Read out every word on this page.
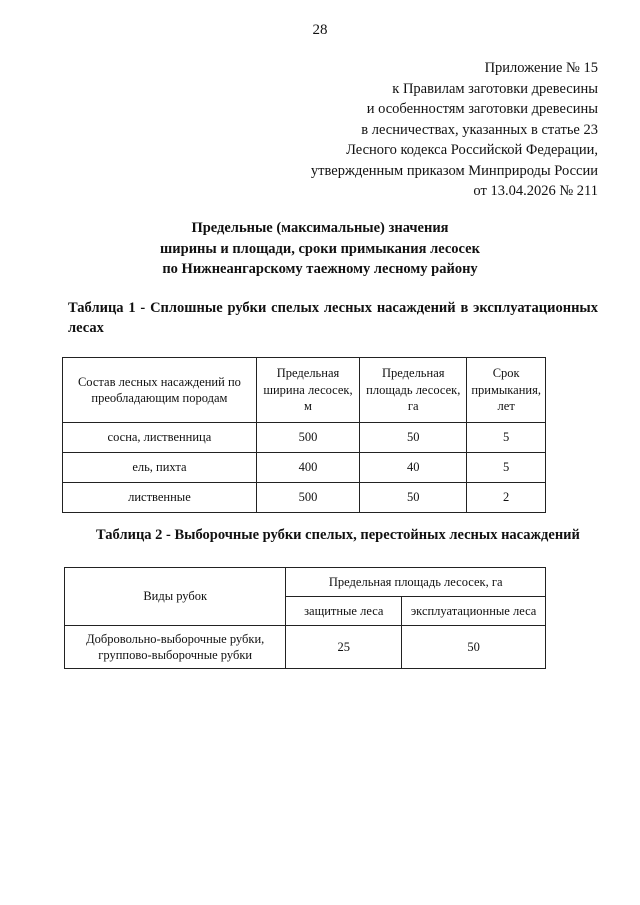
28
Приложение № 15
к Правилам заготовки древесины
и особенностям заготовки древесины
в лесничествах, указанных в статье 23
Лесного кодекса Российской Федерации,
утвержденным приказом Минприроды России
от 13.04.2026 № 211
Предельные (максимальные) значения
ширины и площади, сроки примыкания лесосек
по Нижнеангарскому таежному лесному району
Таблица 1 - Сплошные рубки спелых лесных насаждений в эксплуатационных лесах
Состав лесных насаждений по преобладающим породам	Предельная ширина лесосек, м	Предельная площадь лесосек, га	Срок примыкания, лет
сосна, лиственница	500	50	5
ель, пихта	400	40	5
лиственные	500	50	2
Таблица 2 - Выборочные рубки спелых, перестойных лесных насаждений
Виды рубок	Предельная площадь лесосек, га	
	защитные леса	эксплуатационные леса
Добровольно-выборочные рубки, групповo-выборочные рубки	25	50
